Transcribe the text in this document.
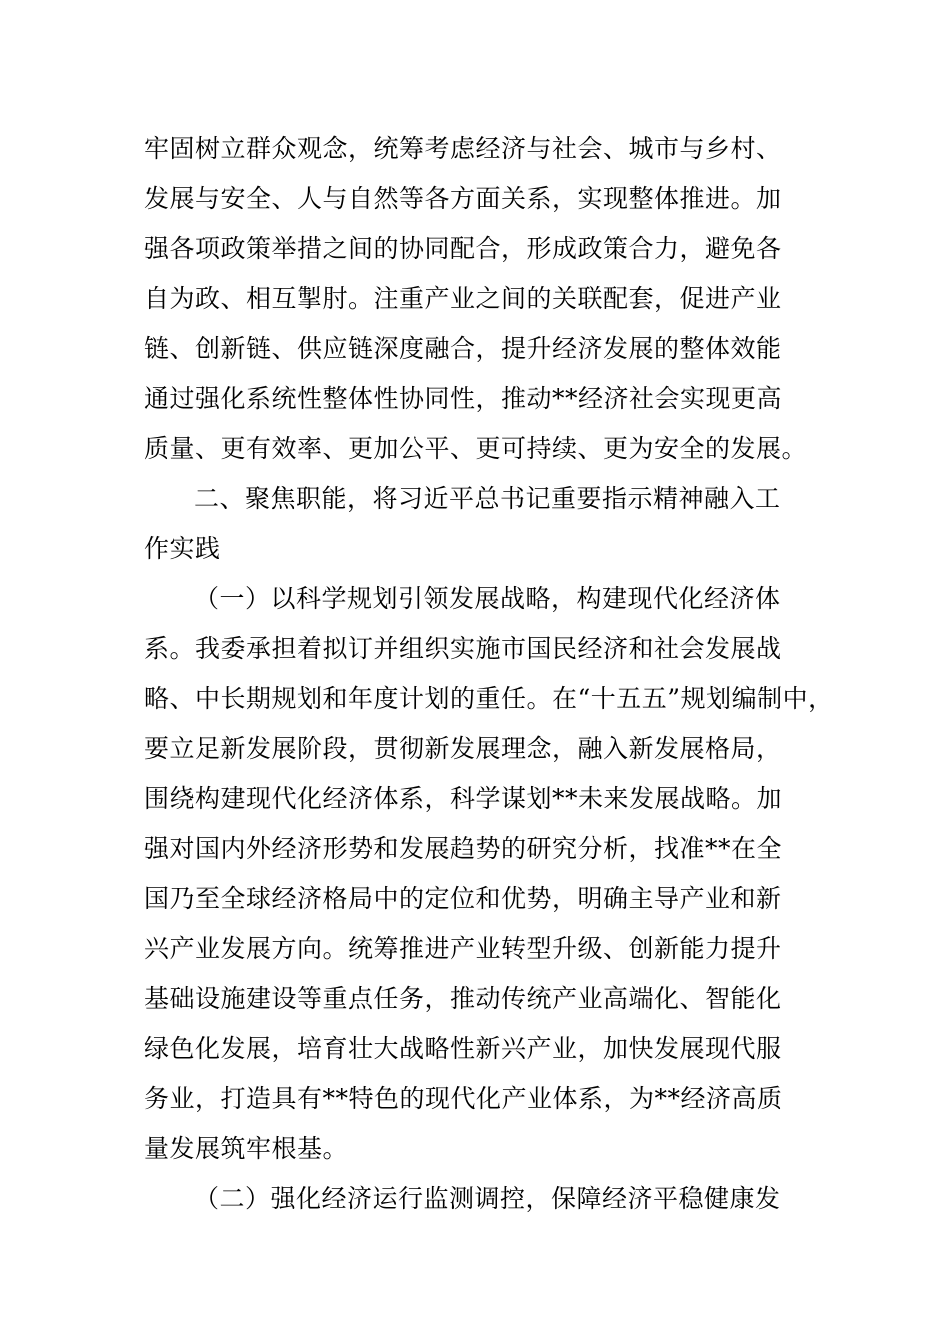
牢固树立群众观念，统筹考虑经济与社会、城市与乡村、
发展与安全、人与自然等各方面关系，实现整体推进。加
强各项政策举措之间的协同配合，形成政策合力，避免各
自为政、相互掣肘。注重产业之间的关联配套，促进产业
链、创新链、供应链深度融合，提升经济发展的整体效能
通过强化系统性整体性协同性，推动**经济社会实现更高
质量、更有效率、更加公平、更可持续、更为安全的发展。
二、聚焦职能，将习近平总书记重要指示精神融入工
作实践
（一）以科学规划引领发展战略，构建现代化经济体
系。我委承担着拟订并组织实施市国民经济和社会发展战
略、中长期规划和年度计划的重任。在“十五五”规划编制中，
要立足新发展阶段，贯彻新发展理念，融入新发展格局，
围绕构建现代化经济体系，科学谋划**未来发展战略。加
强对国内外经济形势和发展趋势的研究分析，找准**在全
国乃至全球经济格局中的定位和优势，明确主导产业和新
兴产业发展方向。统筹推进产业转型升级、创新能力提升
基础设施建设等重点任务，推动传统产业高端化、智能化
绿色化发展，培育壮大战略性新兴产业，加快发展现代服
务业，打造具有**特色的现代化产业体系，为**经济高质
量发展筑牢根基。
（二）强化经济运行监测调控，保障经济平稳健康发
